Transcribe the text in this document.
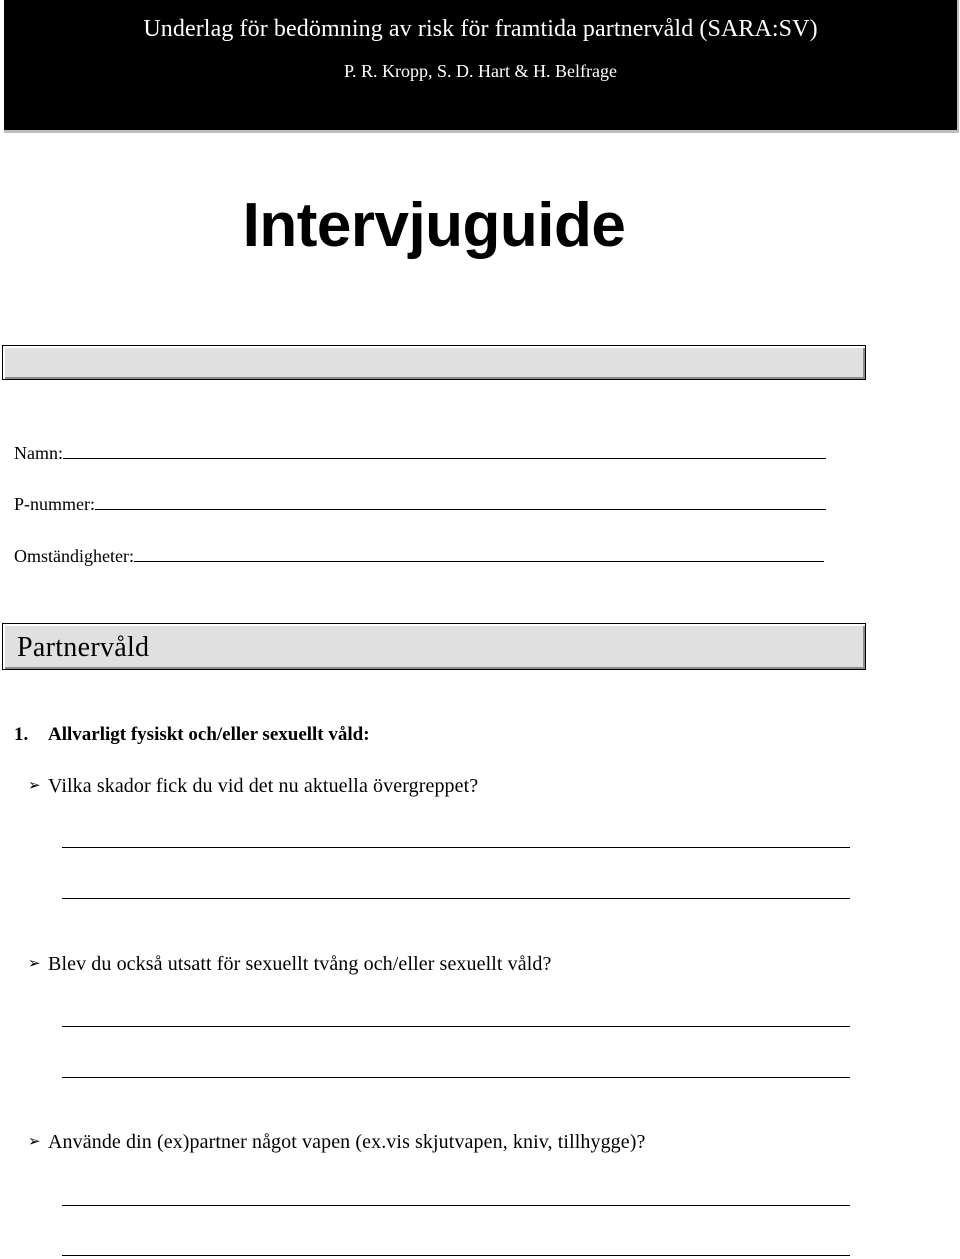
Underlag för bedömning av risk för framtida partnervåld (SARA:SV)
P. R. Kropp, S. D. Hart & H. Belfrage
Intervjuguide
Namn:
P-nummer:
Omständigheter:
Partnervåld
1. Allvarligt fysiskt och/eller sexuellt våld:
➢ Vilka skador fick du vid det nu aktuella övergreppet?
➢ Blev du också utsatt för sexuellt tvång och/eller sexuellt våld?
➢ Använde din (ex)partner något vapen (ex.vis skjutvapen, kniv, tillhygge)?
